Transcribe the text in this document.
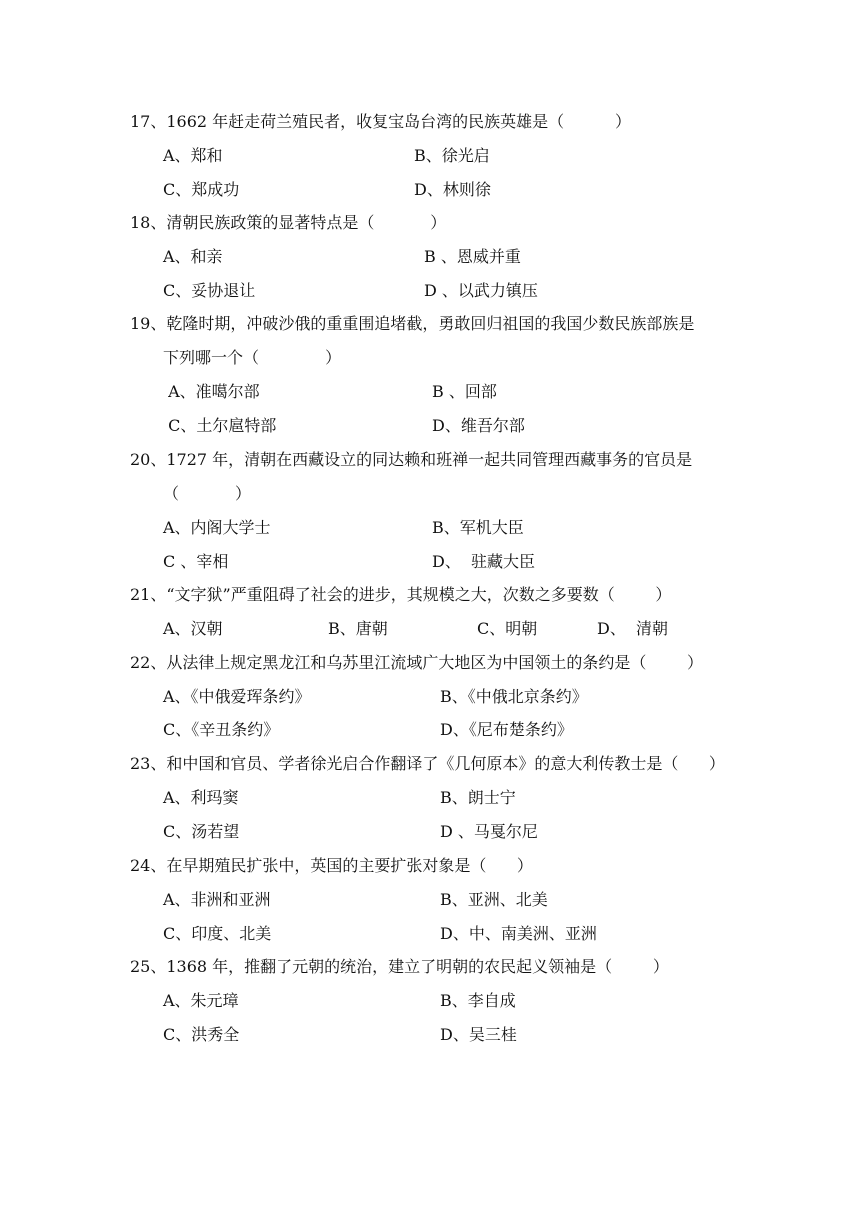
17、1662 年赶走荷兰殖民者，收复宝岛台湾的民族英雄是（          ）
A、郑和	B、徐光启
C、郑成功	D、林则徐
18、清朝民族政策的显著特点是（           ）
A、和亲	B 、恩威并重
C、妥协退让	D 、以武力镇压
19、乾隆时期，冲破沙俄的重重围追堵截，勇敢回归祖国的我国少数民族部族是
下列哪一个（             ）
A、准噶尔部	B 、回部
C、土尔扈特部	D、维吾尔部
20、1727 年，清朝在西藏设立的同达赖和班禅一起共同管理西藏事务的官员是
（           ）
A、内阁大学士	B、军机大臣
C 、宰相	D、  驻藏大臣
21、“文字狱”严重阻碍了社会的进步，其规模之大，次数之多要数（        ）
A、汉朝	B、唐朝	C、明朝	D、  清朝
22、从法律上规定黑龙江和乌苏里江流域广大地区为中国领土的条约是（        ）
A、《中俄爱珲条约》	B、《中俄北京条约》
C、《辛丑条约》	D、《尼布楚条约》
23、和中国和官员、学者徐光启合作翻译了《几何原本》的意大利传教士是（      ）
A、利玛窦	B、朗士宁
C、汤若望	D 、马戛尔尼
24、在早期殖民扩张中，英国的主要扩张对象是（      ）
A、非洲和亚洲	B、亚洲、北美
C、印度、北美	D、中、南美洲、亚洲
25、1368 年，推翻了元朝的统治，建立了明朝的农民起义领袖是（        ）
A、朱元璋	B、李自成
C、洪秀全	D、吴三桂
